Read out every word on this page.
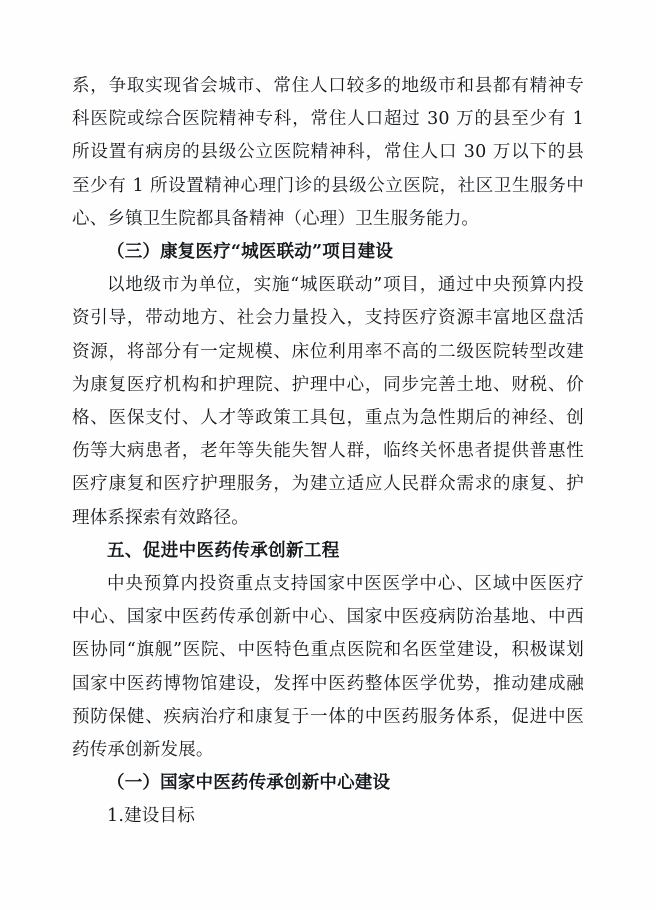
系，争取实现省会城市、常住人口较多的地级市和县都有精神专科医院或综合医院精神专科，常住人口超过 30 万的县至少有 1 所设置有病房的县级公立医院精神科，常住人口 30 万以下的县至少有 1 所设置精神心理门诊的县级公立医院，社区卫生服务中心、乡镇卫生院都具备精神（心理）卫生服务能力。

（三）康复医疗“城医联动”项目建设

以地级市为单位，实施“城医联动”项目，通过中央预算内投资引导，带动地方、社会力量投入，支持医疗资源丰富地区盘活资源，将部分有一定规模、床位利用率不高的二级医院转型改建为康复医疗机构和护理院、护理中心，同步完善土地、财税、价格、医保支付、人才等政策工具包，重点为急性期后的神经、创伤等大病患者，老年等失能失智人群，临终关怀患者提供普惠性医疗康复和医疗护理服务，为建立适应人民群众需求的康复、护理体系探索有效路径。

五、促进中医药传承创新工程

中央预算内投资重点支持国家中医医学中心、区域中医医疗中心、国家中医药传承创新中心、国家中医疫病防治基地、中西医协同“旗舰”医院、中医特色重点医院和名医堂建设，积极谋划国家中医药博物馆建设，发挥中医药整体医学优势，推动建成融预防保健、疾病治疗和康复于一体的中医药服务体系，促进中医药传承创新发展。

（一）国家中医药传承创新中心建设

1.建设目标
